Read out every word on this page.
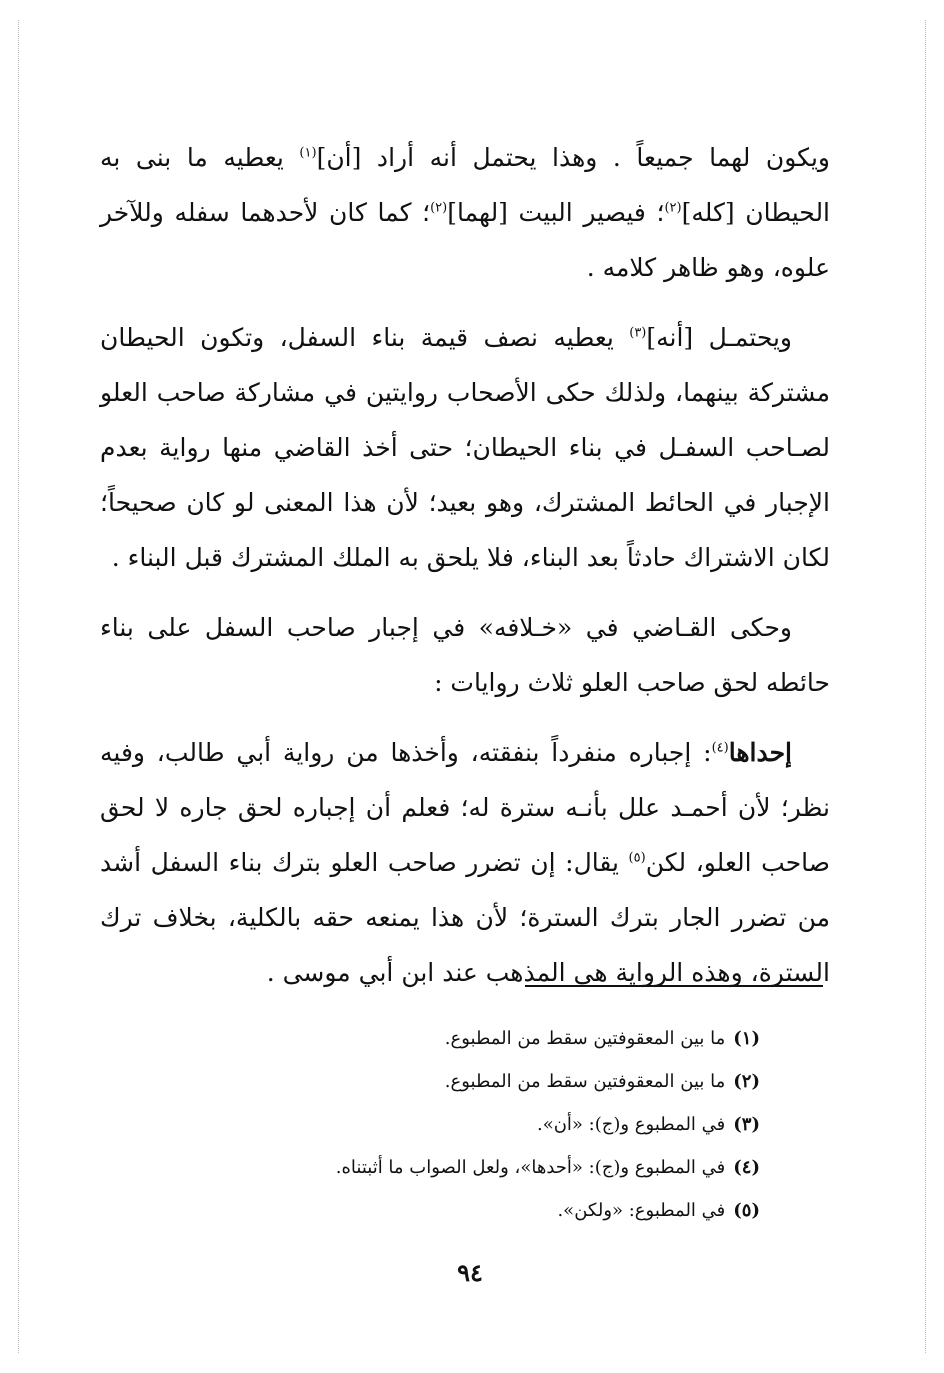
ويكون لهما جميعاً . وهذا يحتمل أنه أراد [أن]$^{(١)}$ يعطيه ما بنى به الحيطان [كله]$^{(٢)}$؛ فيصير البيت [لهما]$^{(٢)}$؛ كما كان لأحدهما سفله وللآخر علوه، وهو ظاهر كلامه .

ويحتمـل [أنه]$^{(٣)}$ يعطيه نصف قيمة بناء السفل، وتكون الحيطان مشتركة بينهما، ولذلك حكى الأصحاب روايتين في مشاركة صاحب العلو لصـاحب السفـل في بناء الحيطان؛ حتى أخذ القاضي منها رواية بعدم الإجبار في الحائط المشترك، وهو بعيد؛ لأن هذا المعنى لو كان صحيحاً؛ لكان الاشتراك حادثاً بعد البناء، فلا يلحق به الملك المشترك قبل البناء .

وحكى القـاضي في «خـلافه» في إجبار صاحب السفل على بناء حائطه لحق صاحب العلو ثلاث روايات :

إحداها$^{(٤)}$: إجباره منفرداً بنفقته، وأخذها من رواية أبي طالب، وفيه نظر؛ لأن أحمـد علل بأنـه سترة له؛ فعلم أن إجباره لحق جاره لا لحق صاحب العلو، لكن$^{(٥)}$ يقال: إن تضرر صاحب العلو بترك بناء السفل أشد من تضرر الجار بترك السترة؛ لأن هذا يمنعه حقه بالكلية، بخلاف ترك السترة، وهذه الرواية هي المذهب عند ابن أبي موسى .

(١)ما بين المعقوفتين سقط من المطبوع.
(٢)ما بين المعقوفتين سقط من المطبوع.
(٣)في المطبوع و(ج): «أن».
(٤)في المطبوع و(ج): «أحدها»، ولعل الصواب ما أثبتناه.
(٥)في المطبوع: «ولكن».
٩٤
